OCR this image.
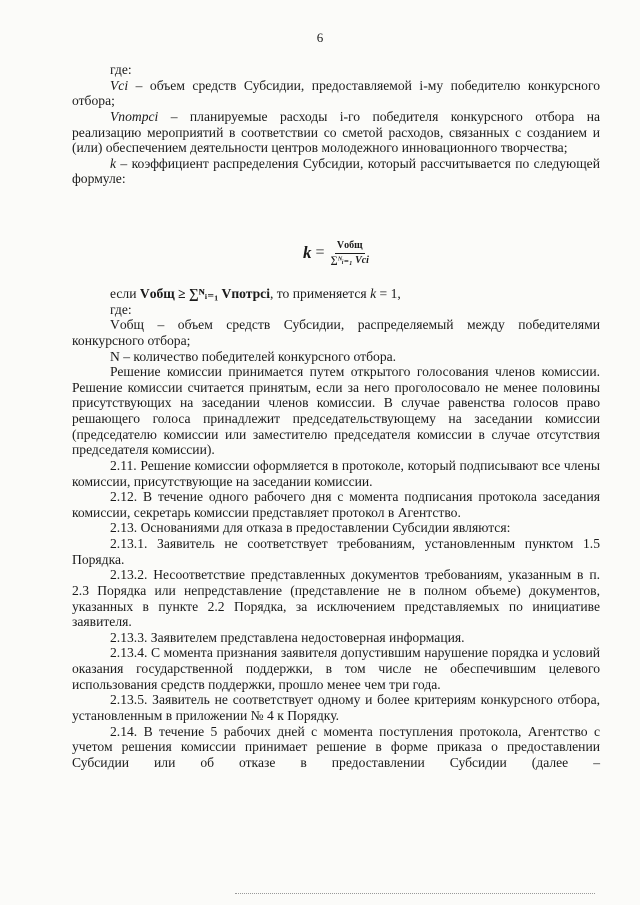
6

где:

Vci – объем средств Субсидии, предоставляемой i-му победителю конкурсного отбора;

Vпотрci – планируемые расходы i-го победителя конкурсного отбора на реализацию мероприятий в соответствии со сметой расходов, связанных с созданием и (или) обеспечением деятельности центров молодежного инновационного творчества;

k – коэффициент распределения Субсидии, который рассчитывается по следующей формуле:

$k = \frac{\text{Vобщ}}{\text{∑ᴺᵢ₌₁ Vсi}}$

если Vобщ ≥ ∑ᴺᵢ₌₁ Vпотрci, то применяется k = 1,

где:

Vобщ – объем средств Субсидии, распределяемый между победителями конкурсного отбора;

N – количество победителей конкурсного отбора.

Решение комиссии принимается путем открытого голосования членов комиссии. Решение комиссии считается принятым, если за него проголосовало не менее половины присутствующих на заседании членов комиссии. В случае равенства голосов право решающего голоса принадлежит председательствующему на заседании комиссии (председателю комиссии или заместителю председателя комиссии в случае отсутствия председателя комиссии).

2.11. Решение комиссии оформляется в протоколе, который подписывают все члены комиссии, присутствующие на заседании комиссии.

2.12. В течение одного рабочего дня с момента подписания протокола заседания комиссии, секретарь комиссии представляет протокол в Агентство.

2.13. Основаниями для отказа в предоставлении Субсидии являются:

2.13.1. Заявитель не соответствует требованиям, установленным пунктом 1.5 Порядка.

2.13.2. Несоответствие представленных документов требованиям, указанным в п. 2.3 Порядка или непредставление (представление не в полном объеме) документов, указанных в пункте 2.2 Порядка, за исключением представляемых по инициативе заявителя.

2.13.3. Заявителем представлена недостоверная информация.

2.13.4. С момента признания заявителя допустившим нарушение порядка и условий оказания государственной поддержки, в том числе не обеспечившим целевого использования средств поддержки, прошло менее чем три года.

2.13.5. Заявитель не соответствует одному и более критериям конкурсного отбора, установленным в приложении № 4 к Порядку.

2.14. В течение 5 рабочих дней с момента поступления протокола, Агентство с учетом решения комиссии принимает решение в форме приказа о предоставлении Субсидии или об отказе в предоставлении Субсидии (далее –
